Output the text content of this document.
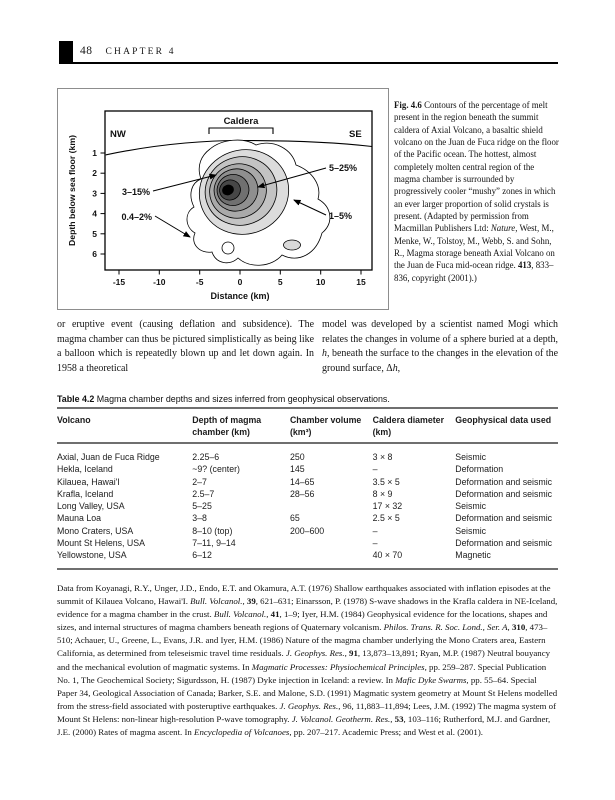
48 CHAPTER 4
Caldera
NW	SE
1
2
3
4
5
6
Depth below sea floor (km)
-15	-10	-5	0	5	10	15
Distance (km)
5–25%
3–15%
0.4–2%	1–5%
Fig. 4.6 Contours of the percentage of melt present in the region beneath the summit caldera of Axial Volcano, a basaltic shield volcano on the Juan de Fuca ridge on the floor of the Pacific ocean. The hottest, almost completely molten central region of the magma chamber is surrounded by progressively cooler “mushy” zones in which an ever larger proportion of solid crystals is present. (Adapted by permission from Macmillan Publishers Ltd: Nature, West, M., Menke, W., Tolstoy, M., Webb, S. and Sohn, R., Magma storage beneath Axial Volcano on the Juan de Fuca mid-ocean ridge. 413, 833–836, copyright (2001).)
or eruptive event (causing deflation and subsidence). The magma chamber can thus be pictured simplistically as being like a balloon which is repeatedly blown up and let down again. In 1958 a theoretical
model was developed by a scientist named Mogi which relates the changes in volume of a sphere buried at a depth, h, beneath the surface to the changes in the elevation of the ground surface, Δh,
Table 4.2 Magma chamber depths and sizes inferred from geophysical observations.
Volcano	Depth of magma chamber (km)	Chamber volume (km³)	Caldera diameter (km)	Geophysical data used
Axial, Juan de Fuca Ridge	2.25–6	250	3 × 8	Seismic
Hekla, Iceland	~9? (center)	145	–	Deformation
Kilauea, Hawai'I	2–7	14–65	3.5 × 5	Deformation and seismic
Krafla, Iceland	2.5–7	28–56	8 × 9	Deformation and seismic
Long Valley, USA	5–25		17 × 32	Seismic
Mauna Loa	3–8	65	2.5 × 5	Deformation and seismic
Mono Craters, USA	8–10 (top)	200–600	–	Seismic
Mount St Helens, USA	7–11, 9–14		–	Deformation and seismic
Yellowstone, USA	6–12		40 × 70	Magnetic
Data from Koyanagi, R.Y., Unger, J.D., Endo, E.T. and Okamura, A.T. (1976) Shallow earthquakes associated with inflation episodes at the summit of Kilauea Volcano, Hawai'I. Bull. Volcanol., 39, 621–631; Einarsson, P. (1978) S-wave shadows in the Krafla caldera in NE-Iceland, evidence for a magma chamber in the crust. Bull. Volcanol., 41, 1–9; Iyer, H.M. (1984) Geophysical evidence for the locations, shapes and sizes, and internal structures of magma chambers beneath regions of Quaternary volcanism. Philos. Trans. R. Soc. Lond., Ser. A, 310, 473–510; Achauer, U., Greene, L., Evans, J.R. and Iyer, H.M. (1986) Nature of the magma chamber underlying the Mono Craters area, Eastern California, as determined from teleseismic travel time residuals. J. Geophys. Res., 91, 13,873–13,891; Ryan, M.P. (1987) Neutral bouyancy and the mechanical evolution of magmatic systems. In Magmatic Processes: Physiochemical Principles, pp. 259–287. Special Publication No. 1, The Geochemical Society; Sigurdsson, H. (1987) Dyke injection in Iceland: a review. In Mafic Dyke Swarms, pp. 55–64. Special Paper 34, Geological Association of Canada; Barker, S.E. and Malone, S.D. (1991) Magmatic system geometry at Mount St Helens modelled from the stress-field associated with posteruptive earthquakes. J. Geophys. Res., 96, 11,883–11,894; Lees, J.M. (1992) The magma system of Mount St Helens: non-linear high-resolution P-wave tomography. J. Volcanol. Geotherm. Res., 53, 103–116; Rutherford, M.J. and Gardner, J.E. (2000) Rates of magma ascent. In Encyclopedia of Volcanoes, pp. 207–217. Academic Press; and West et al. (2001).
